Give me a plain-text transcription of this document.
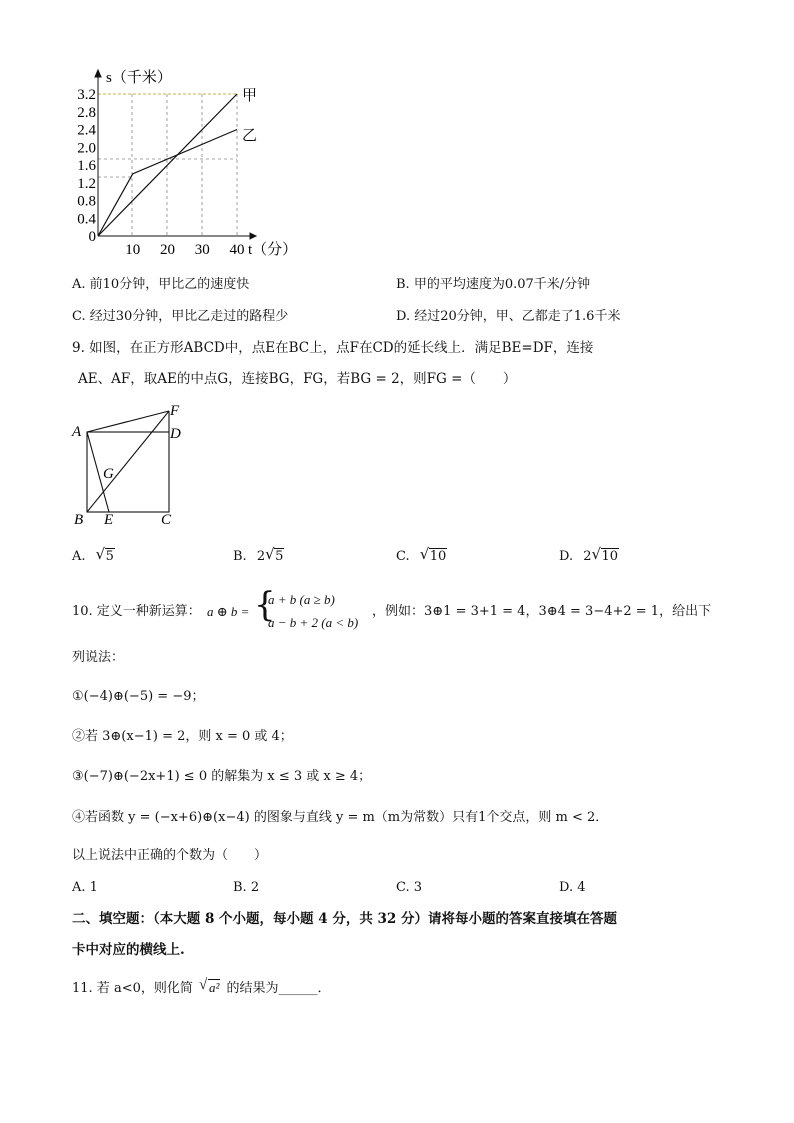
s（千米）
t（分）
3.2
2.8
2.4
2.0
1.6
1.2
0.8
0.4
0
10 20 30 40
甲
乙
A. 前10分钟，甲比乙的速度快	B. 甲的平均速度为0.07千米/分钟
C. 经过30分钟，甲比乙走过的路程少	D. 经过20分钟，甲、乙都走了1.6千米
9. 如图，在正方形ABCD中，点E在BC上，点F在CD的延长线上．满足BE=DF，连接
AE、AF，取AE的中点G，连接BG，FG，若BG = 2，则FG =（　　）
F
A	D
G
B E	C
A. √ 5	B. 2 √ 5	C. √ 10	D. 2 √ 10
10. 定义一种新运算： a ⊕ b = {
a + b (a ≥ b)
a − b + 2 (a < b)
，例如：3⊕1 = 3+1 = 4，3⊕4 = 3−4+2 = 1，给出下
列说法：
①(−4)⊕(−5) = −9；
②若 3⊕(x−1) = 2，则 x = 0 或 4；
③(−7)⊕(−2x+1) ≤ 0 的解集为 x ≤ 3 或 x ≥ 4；
④若函数 y = (−x+6)⊕(x−4) 的图象与直线 y = m（m为常数）只有1个交点，则 m < 2．
以上说法中正确的个数为（　　）
A. 1	B. 2	C. 3	D. 4
二、填空题：（本大题 8 个小题，每小题 4 分，共 32 分）请将每小题的答案直接填在答题
卡中对应的横线上.
11. 若 a<0，则化简 √ a² 的结果为______．
